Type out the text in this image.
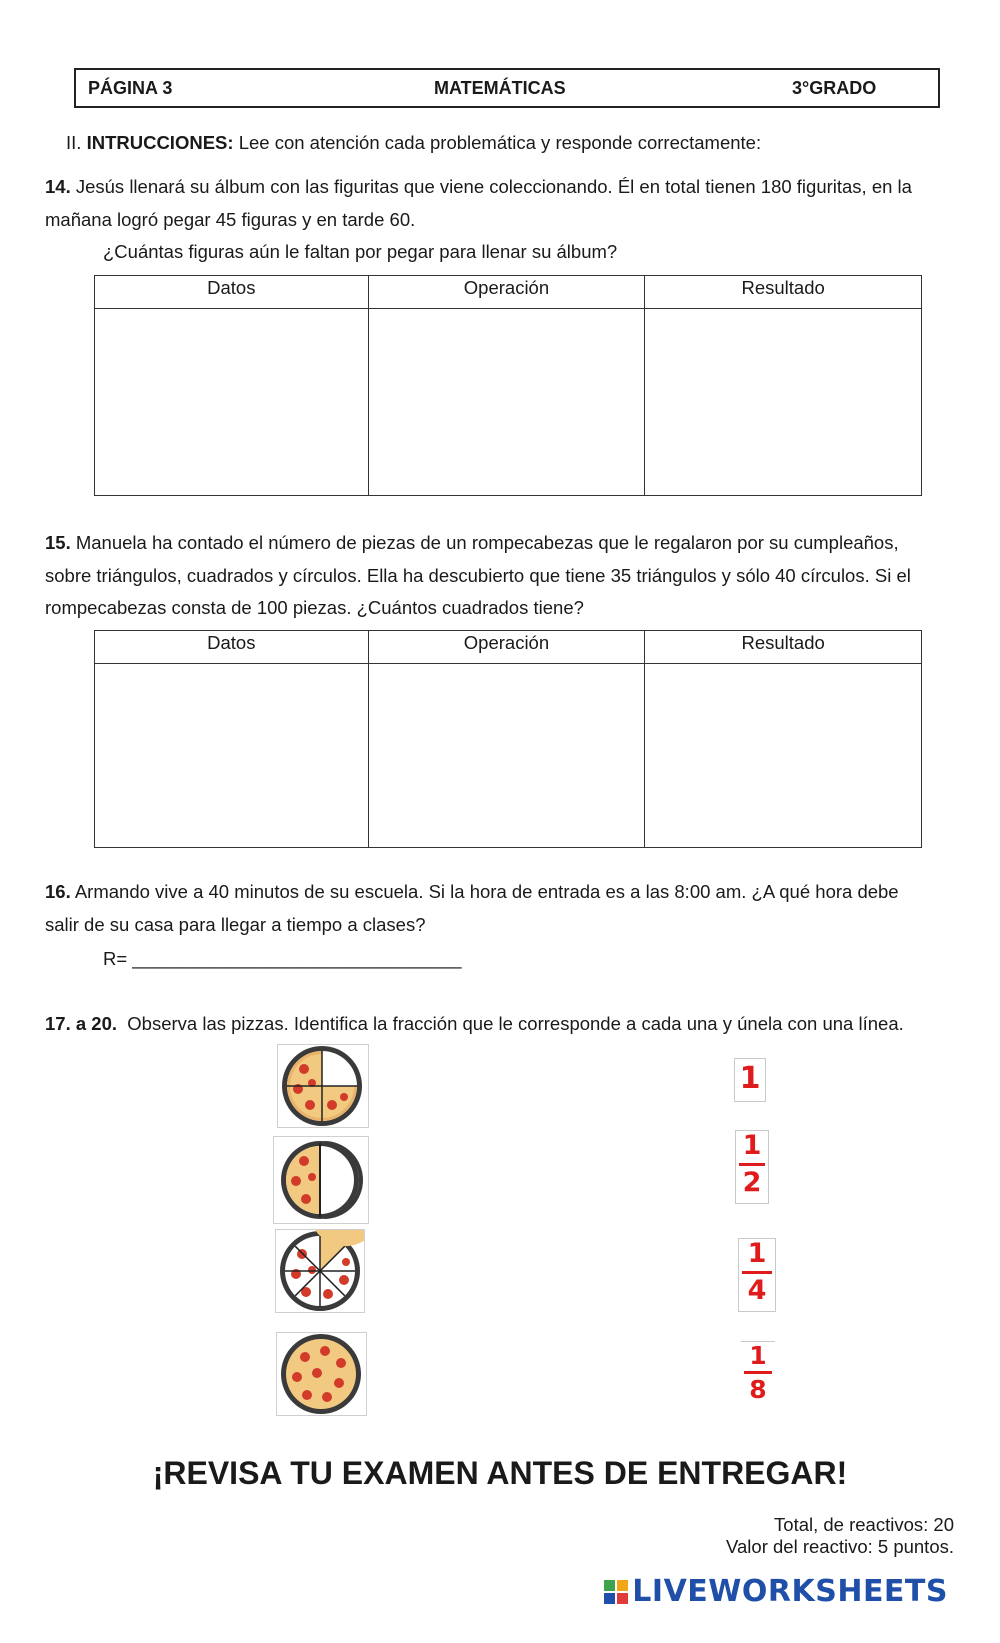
PÁGINA 3	MATEMÁTICAS	3°GRADO
II. INTRUCCIONES: Lee con atención cada problemática y responde correctamente:
14. Jesús llenará su álbum con las figuritas que viene coleccionando. Él en total tienen 180 figuritas, en la
mañana logró pegar 45 figuras y en tarde 60.
¿Cuántas figuras aún le faltan por pegar para llenar su álbum?
Datos	Operación	Resultado

15. Manuela ha contado el número de piezas de un rompecabezas que le regalaron por su cumpleaños,
sobre triángulos, cuadrados y círculos. Ella ha descubierto que tiene 35 triángulos y sólo 40 círculos. Si el
rompecabezas consta de 100 piezas. ¿Cuántos cuadrados tiene?
Datos	Operación	Resultado

16. Armando vive a 40 minutos de su escuela. Si la hora de entrada es a las 8:00 am. ¿A qué hora debe
salir de su casa para llegar a tiempo a clases?
R= ________________________________
17. a 20. Observa las pizzas. Identifica la fracción que le corresponde a cada una y únela con una línea.
1
1
2
1
4
1
8
¡REVISA TU EXAMEN ANTES DE ENTREGAR!
Total, de reactivos: 20
Valor del reactivo: 5 puntos.
LIVEWORKSHEETS
